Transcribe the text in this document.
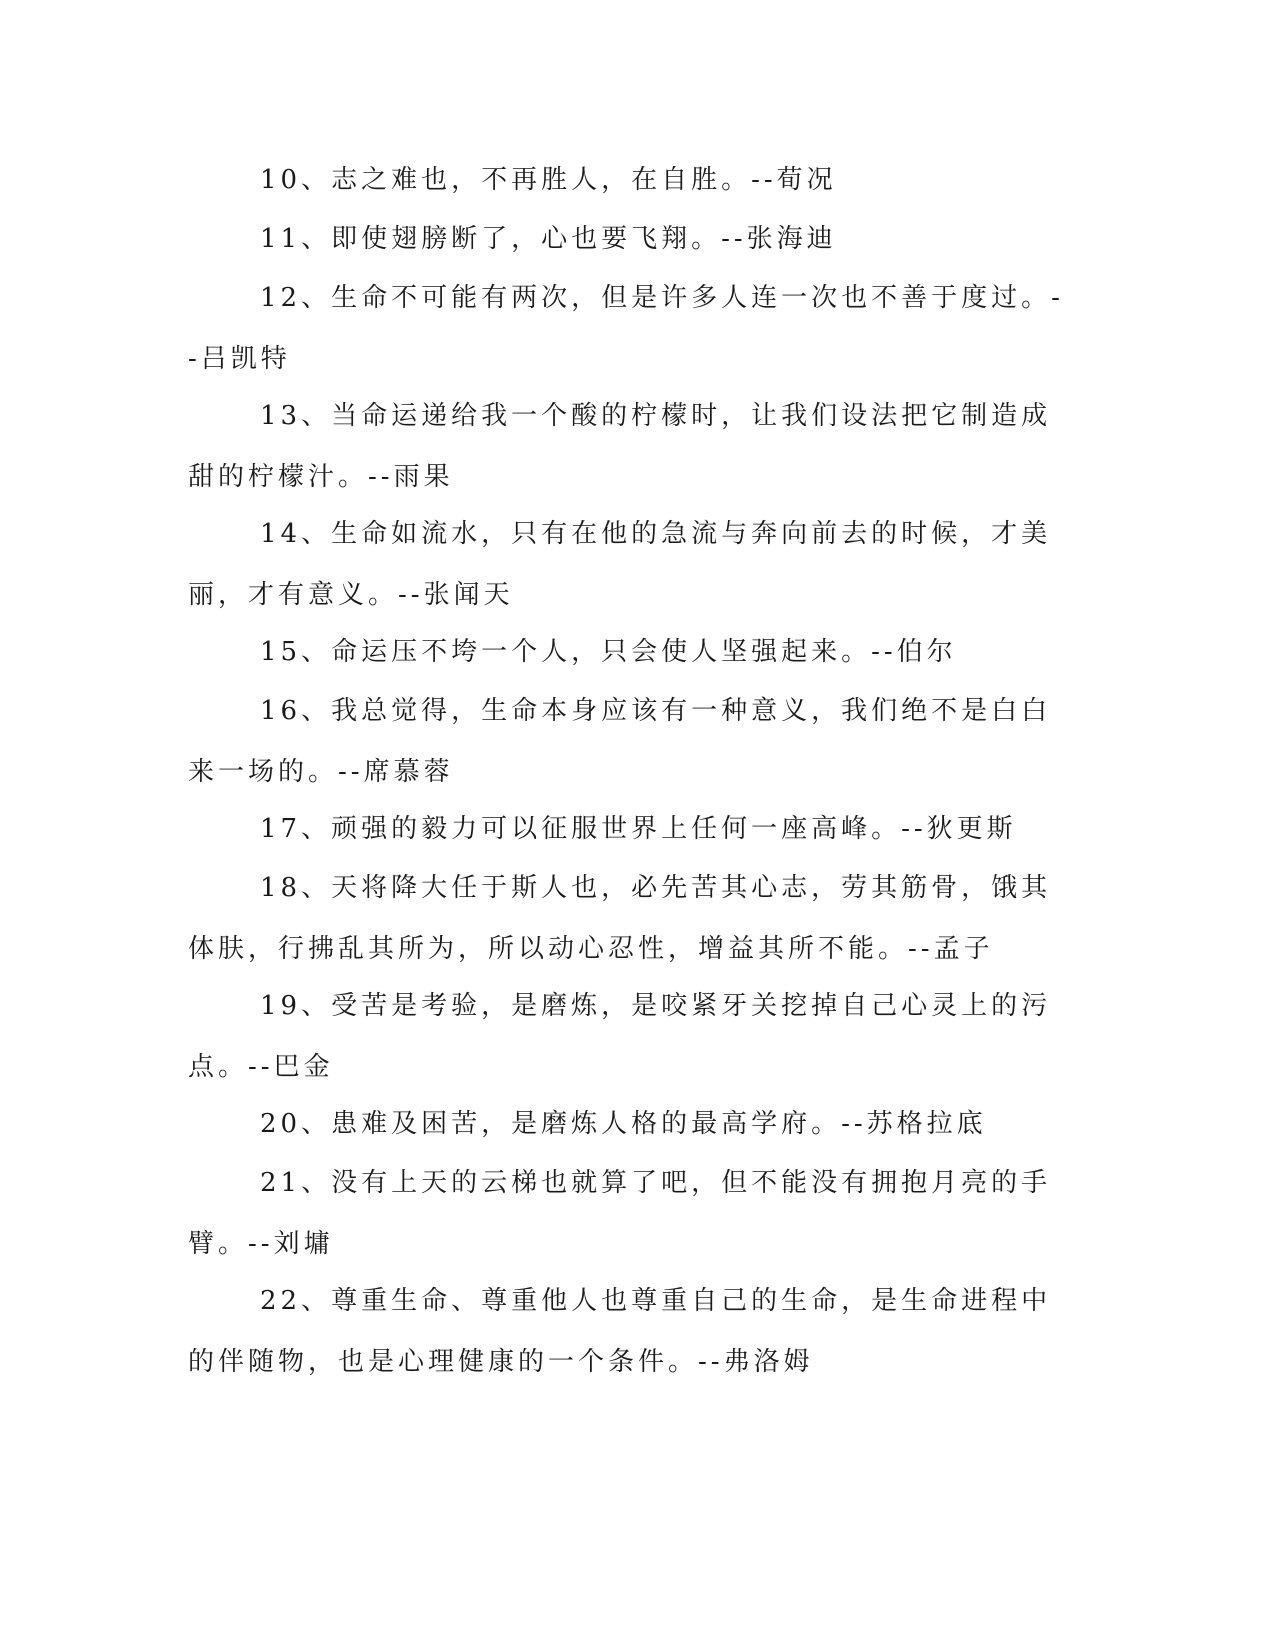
10、志之难也，不再胜人，在自胜。--荀况

11、即使翅膀断了，心也要飞翔。--张海迪

12、生命不可能有两次，但是许多人连一次也不善于度过。--吕凯特

13、当命运递给我一个酸的柠檬时，让我们设法把它制造成甜的柠檬汁。--雨果

14、生命如流水，只有在他的急流与奔向前去的时候，才美丽，才有意义。--张闻天

15、命运压不垮一个人，只会使人坚强起来。--伯尔

16、我总觉得，生命本身应该有一种意义，我们绝不是白白来一场的。--席慕蓉

17、顽强的毅力可以征服世界上任何一座高峰。--狄更斯

18、天将降大任于斯人也，必先苦其心志，劳其筋骨，饿其体肤，行拂乱其所为，所以动心忍性，增益其所不能。--孟子

19、受苦是考验，是磨炼，是咬紧牙关挖掉自己心灵上的污点。--巴金

20、患难及困苦，是磨炼人格的最高学府。--苏格拉底

21、没有上天的云梯也就算了吧，但不能没有拥抱月亮的手臂。--刘墉

22、尊重生命、尊重他人也尊重自己的生命，是生命进程中的伴随物，也是心理健康的一个条件。--弗洛姆
